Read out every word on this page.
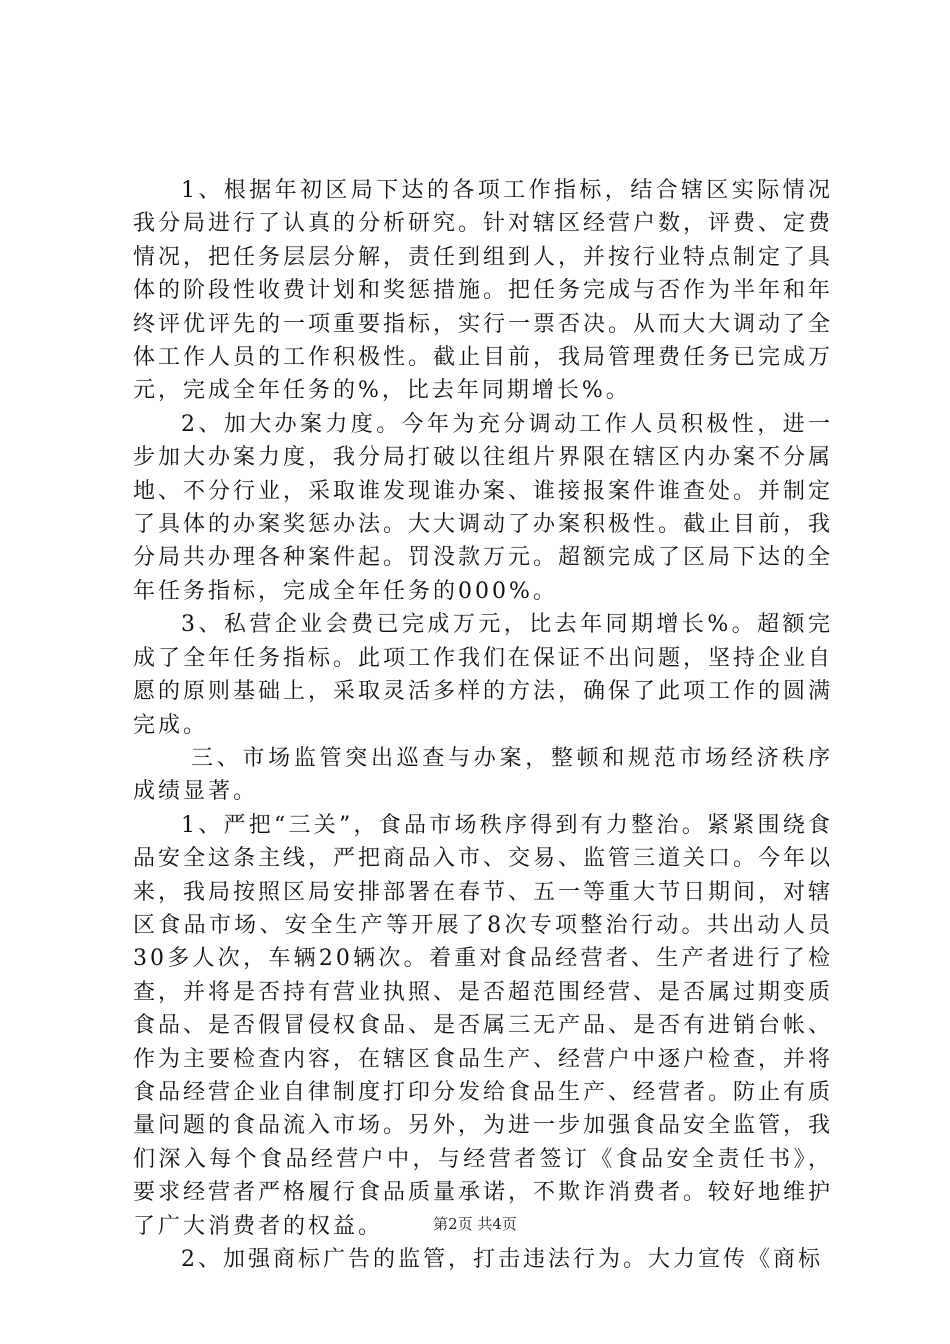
1、根据年初区局下达的各项工作指标，结合辖区实际情况我分局进行了认真的分析研究。针对辖区经营户数，评费、定费情况，把任务层层分解，责任到组到人，并按行业特点制定了具体的阶段性收费计划和奖惩措施。把任务完成与否作为半年和年终评优评先的一项重要指标，实行一票否决。从而大大调动了全体工作人员的工作积极性。截止目前，我局管理费任务已完成万元，完成全年任务的%，比去年同期增长%。

2、加大办案力度。今年为充分调动工作人员积极性，进一步加大办案力度，我分局打破以往组片界限在辖区内办案不分属地、不分行业，采取谁发现谁办案、谁接报案件谁查处。并制定了具体的办案奖惩办法。大大调动了办案积极性。截止目前，我分局共办理各种案件起。罚没款万元。超额完成了区局下达的全年任务指标，完成全年任务的000%。

3、私营企业会费已完成万元，比去年同期增长%。超额完成了全年任务指标。此项工作我们在保证不出问题，坚持企业自愿的原则基础上，采取灵活多样的方法，确保了此项工作的圆满完成。

三、市场监管突出巡查与办案，整顿和规范市场经济秩序成绩显著。

1、严把“三关”，食品市场秩序得到有力整治。紧紧围绕食品安全这条主线，严把商品入市、交易、监管三道关口。今年以来，我局按照区局安排部署在春节、五一等重大节日期间，对辖区食品市场、安全生产等开展了8次专项整治行动。共出动人员30多人次，车辆20辆次。着重对食品经营者、生产者进行了检查，并将是否持有营业执照、是否超范围经营、是否属过期变质食品、是否假冒侵权食品、是否属三无产品、是否有进销台帐、作为主要检查内容，在辖区食品生产、经营户中逐户检查，并将食品经营企业自律制度打印分发给食品生产、经营者。防止有质量问题的食品流入市场。另外，为进一步加强食品安全监管，我们深入每个食品经营户中，与经营者签订《食品安全责任书》，要求经营者严格履行食品质量承诺，不欺诈消费者。较好地维护了广大消费者的权益。

2、加强商标广告的监管，打击违法行为。大力宣传《商标

第2页 共4页
